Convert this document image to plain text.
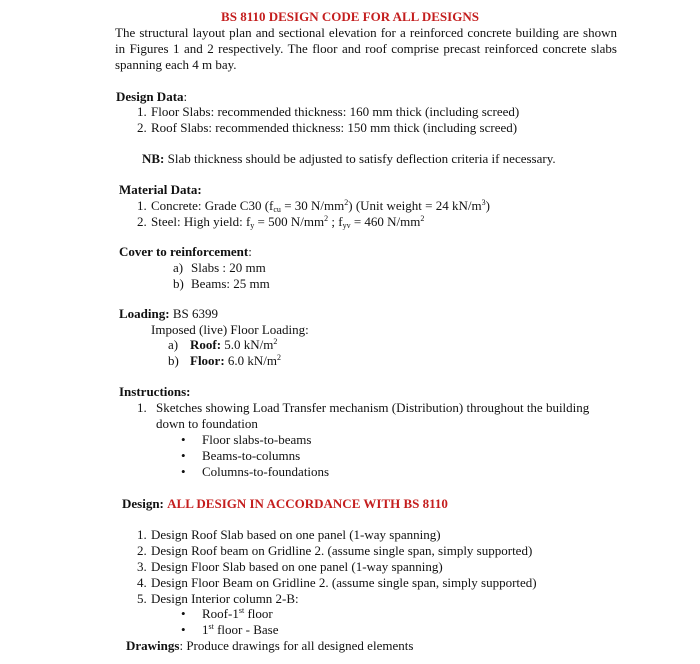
BS 8110 DESIGN CODE FOR ALL DESIGNS
The structural layout plan and sectional elevation for a reinforced concrete building are shown in Figures 1 and 2 respectively. The floor and roof comprise precast reinforced concrete slabs spanning each 4 m bay.
Design Data:
1. Floor Slabs: recommended thickness: 160 mm thick (including screed)
2. Roof Slabs: recommended thickness: 150 mm thick (including screed)
NB: Slab thickness should be adjusted to satisfy deflection criteria if necessary.
Material Data:
1. Concrete: Grade C30 ($f_{cu} = 30$ $N/mm^2$) (Unit weight = 24 $kN/m^3$)
2. Steel: High yield: $f_y = 500$ $N/mm^2$ ; $f_{yv} = 460$ $N/mm^2$
Cover to reinforcement:
a) Slabs : 20 mm
b) Beams: 25 mm
Loading: BS 6399
Imposed (live) Floor Loading:
a) Roof: 5.0 $kN/m^2$
b) Floor: 6.0 $kN/m^2$
Instructions:
1. Sketches showing Load Transfer mechanism (Distribution) throughout the building down to foundation
• Floor slabs-to-beams
• Beams-to-columns
• Columns-to-foundations
Design: ALL DESIGN IN ACCORDANCE WITH BS 8110
1. Design Roof Slab based on one panel (1-way spanning)
2. Design Roof beam on Gridline 2. (assume single span, simply supported)
3. Design Floor Slab based on one panel (1-way spanning)
4. Design Floor Beam on Gridline 2. (assume single span, simply supported)
5. Design Interior column 2-B:
• Roof-1st floor
• 1st floor - Base
Drawings: Produce drawings for all designed elements
